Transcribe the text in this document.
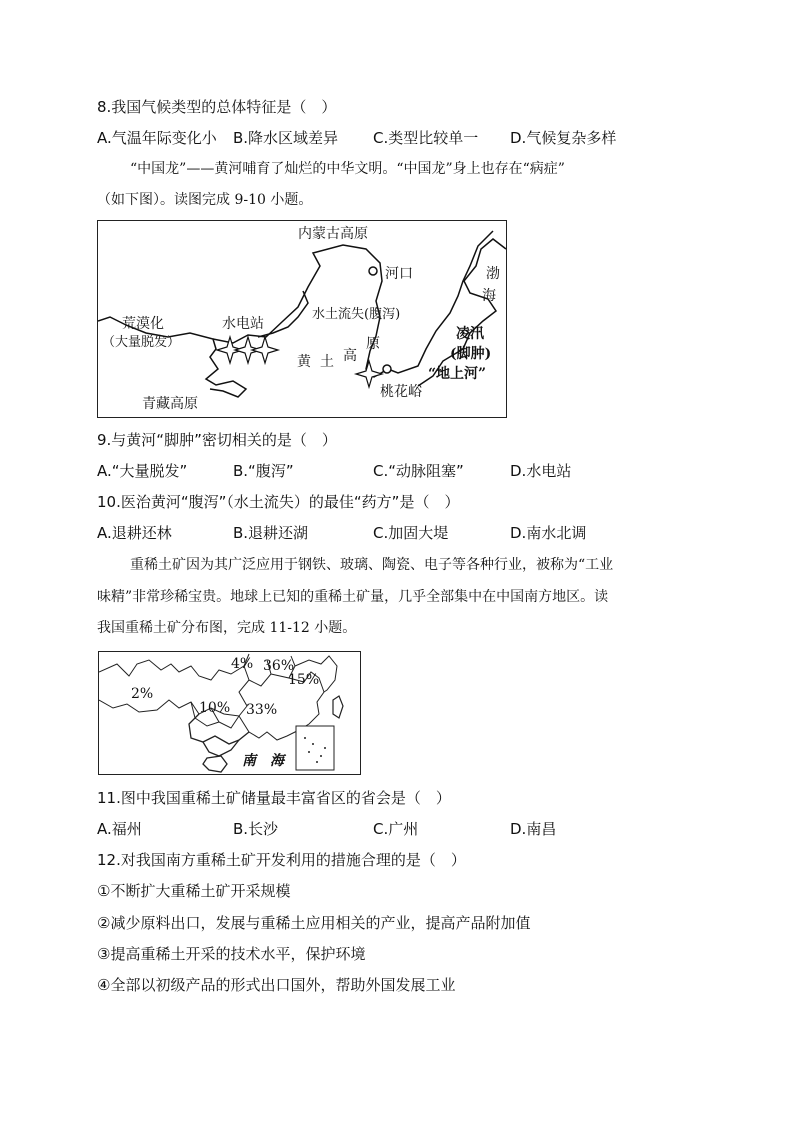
8.我国气候类型的总体特征是（　）
A.气温年际变化小 B.降水区域差异 C.类型比较单一 D.气候复杂多样
“中国龙”——黄河哺育了灿烂的中华文明。“中国龙”身上也存在“病症”
（如下图）。读图完成 9-10 小题。
内蒙古高原
河口	渤
海
荒漠化
（大量脱发）
水电站
水土流失(腹泻)
凌汛
(脚肿)
黄 土 高
原
“地上河”
青藏高原
桃花峪
9.与黄河“脚肿”密切相关的是（　）
A.“大量脱发”	B.“腹泻”	C.“动脉阻塞”	D.水电站
10.医治黄河“腹泻”（水土流失）的最佳“药方”是（　）
A.退耕还林	B.退耕还湖	C.加固大堤	D.南水北调
重稀土矿因为其广泛应用于钢铁、玻璃、陶瓷、电子等各种行业，被称为“工业
味精”非常珍稀宝贵。地球上已知的重稀土矿量，几乎全部集中在中国南方地区。读
我国重稀土矿分布图，完成 11-12 小题。
4% 36%
15%
2%
10% 33%
南　海
11.图中我国重稀土矿储量最丰富省区的省会是（　）
A.福州	B.长沙	C.广州	D.南昌
12.对我国南方重稀土矿开发利用的措施合理的是（　）
①不断扩大重稀土矿开采规模
②减少原料出口，发展与重稀土应用相关的产业，提高产品附加值
③提高重稀土开采的技术水平，保护环境
④全部以初级产品的形式出口国外，帮助外国发展工业
